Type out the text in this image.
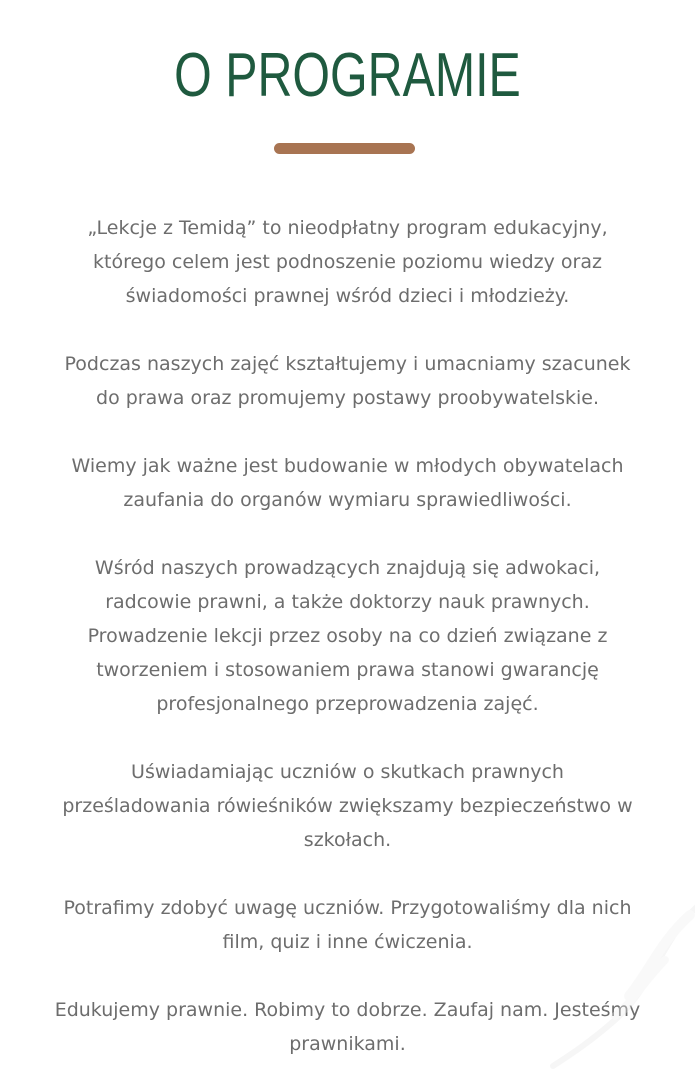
O PROGRAMIE
„Lekcje z Temidą” to nieodpłatny program edukacyjny,
którego celem jest podnoszenie poziomu wiedzy oraz
świadomości prawnej wśród dzieci i młodzieży.
Podczas naszych zajęć kształtujemy i umacniamy szacunek
do prawa oraz promujemy postawy proobywatelskie.
Wiemy jak ważne jest budowanie w młodych obywatelach
zaufania do organów wymiaru sprawiedliwości.
Wśród naszych prowadzących znajdują się adwokaci,
radcowie prawni, a także doktorzy nauk prawnych.
Prowadzenie lekcji przez osoby na co dzień związane z
tworzeniem i stosowaniem prawa stanowi gwarancję
profesjonalnego przeprowadzenia zajęć.
Uświadamiając uczniów o skutkach prawnych
prześladowania rówieśników zwiększamy bezpieczeństwo w
szkołach.
Potrafimy zdobyć uwagę uczniów. Przygotowaliśmy dla nich
film, quiz i inne ćwiczenia.
Edukujemy prawnie. Robimy to dobrze. Zaufaj nam. Jesteśmy
prawnikami.
